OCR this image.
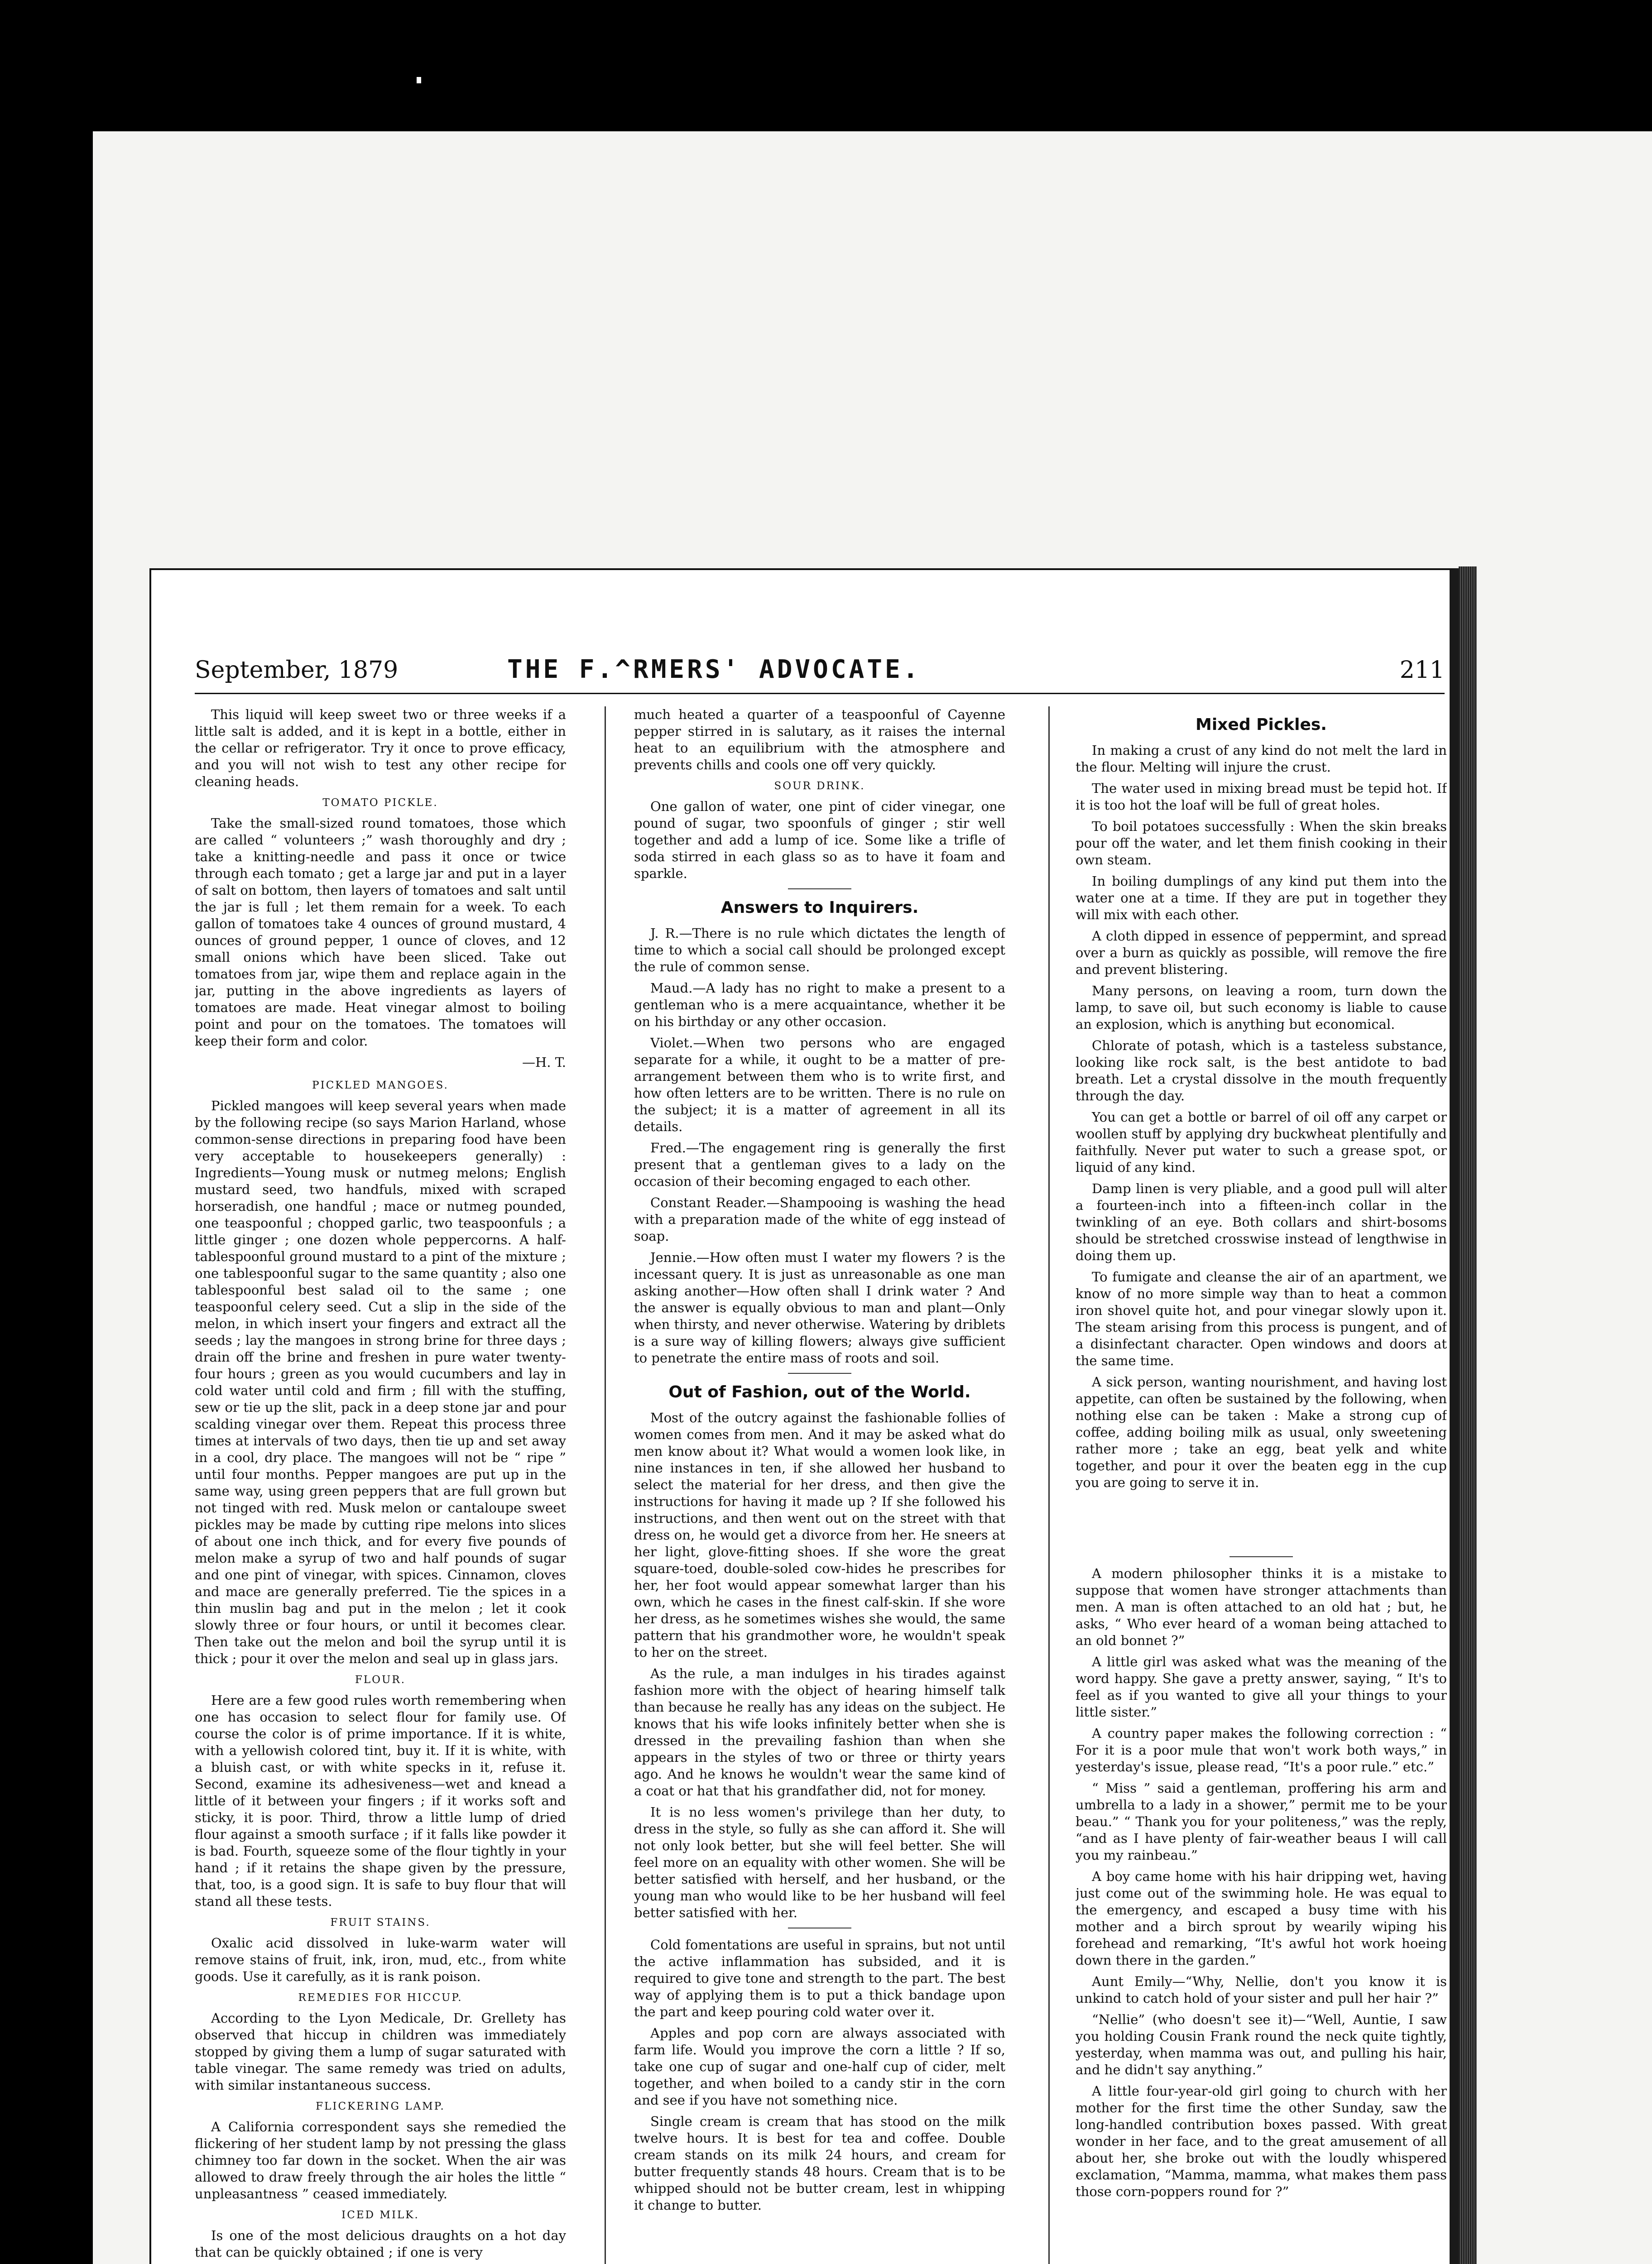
September, 1879	THE F.^RMERS' ADVOCATE.	211

This liquid will keep sweet two or three weeks if a little salt is added, and it is kept in a bottle, either in the cellar or refrigerator. Try it once to prove efficacy, and you will not wish to test any other recipe for cleaning heads.

TOMATO PICKLE.

Take the small-sized round tomatoes, those which are called “ volunteers ;” wash thoroughly and dry ; take a knitting-needle and pass it once or twice through each tomato ; get a large jar and put in a layer of salt on bottom, then layers of tomatoes and salt until the jar is full ; let them remain for a week. To each gallon of tomatoes take 4 ounces of ground mustard, 4 ounces of ground pepper, 1 ounce of cloves, and 12 small onions which have been sliced. Take out tomatoes from jar, wipe them and replace again in the jar, putting in the above ingredients as layers of tomatoes are made. Heat vinegar almost to boiling point and pour on the tomatoes. The tomatoes will keep their form and color.

—H. T.
PICKLED MANGOES.

Pickled mangoes will keep several years when made by the following recipe (so says Marion Harland, whose common-sense directions in preparing food have been very acceptable to housekeepers generally) : Ingredients—Young musk or nutmeg melons; English mustard seed, two handfuls, mixed with scraped horseradish, one handful ; mace or nutmeg pounded, one teaspoonful ; chopped garlic, two teaspoonfuls ; a little ginger ; one dozen whole peppercorns. A half-tablespoonful ground mustard to a pint of the mixture ; one tablespoonful sugar to the same quantity ; also one tablespoonful best salad oil to the same ; one teaspoonful celery seed. Cut a slip in the side of the melon, in which insert your fingers and extract all the seeds ; lay the mangoes in strong brine for three days ; drain off the brine and freshen in pure water twenty-four hours ; green as you would cucumbers and lay in cold water until cold and firm ; fill with the stuffing, sew or tie up the slit, pack in a deep stone jar and pour scalding vinegar over them. Repeat this process three times at intervals of two days, then tie up and set away in a cool, dry place. The mangoes will not be “ ripe ” until four months. Pepper mangoes are put up in the same way, using green peppers that are full grown but not tinged with red. Musk melon or cantaloupe sweet pickles may be made by cutting ripe melons into slices of about one inch thick, and for every five pounds of melon make a syrup of two and half pounds of sugar and one pint of vinegar, with spices. Cinnamon, cloves and mace are generally preferred. Tie the spices in a thin muslin bag and put in the melon ; let it cook slowly three or four hours, or until it becomes clear. Then take out the melon and boil the syrup until it is thick ; pour it over the melon and seal up in glass jars.

FLOUR.

Here are a few good rules worth remembering when one has occasion to select flour for family use. Of course the color is of prime importance. If it is white, with a yellowish colored tint, buy it. If it is white, with a bluish cast, or with white specks in it, refuse it. Second, examine its adhesiveness—wet and knead a little of it between your fingers ; if it works soft and sticky, it is poor. Third, throw a little lump of dried flour against a smooth surface ; if it falls like powder it is bad. Fourth, squeeze some of the flour tightly in your hand ; if it retains the shape given by the pressure, that, too, is a good sign. It is safe to buy flour that will stand all these tests.

FRUIT STAINS.

Oxalic acid dissolved in luke-warm water will remove stains of fruit, ink, iron, mud, etc., from white goods. Use it carefully, as it is rank poison.

REMEDIES FOR HICCUP.

According to the Lyon Medicale, Dr. Grellety has observed that hiccup in children was immediately stopped by giving them a lump of sugar saturated with table vinegar. The same remedy was tried on adults, with similar instantaneous success.

FLICKERING LAMP.

A California correspondent says she remedied the flickering of her student lamp by not pressing the glass chimney too far down in the socket. When the air was allowed to draw freely through the air holes the little “ unpleasantness ” ceased immediately.

ICED MILK.

Is one of the most delicious draughts on a hot day that can be quickly obtained ; if one is very

much heated a quarter of a teaspoonful of Cayenne pepper stirred in is salutary, as it raises the internal heat to an equilibrium with the atmosphere and prevents chills and cools one off very quickly.

SOUR DRINK.

One gallon of water, one pint of cider vinegar, one pound of sugar, two spoonfuls of ginger ; stir well together and add a lump of ice. Some like a trifle of soda stirred in each glass so as to have it foam and sparkle.

Answers to Inquirers.

J. R.—There is no rule which dictates the length of time to which a social call should be prolonged except the rule of common sense.

Maud.—A lady has no right to make a present to a gentleman who is a mere acquaintance, whether it be on his birthday or any other occasion.

Violet.—When two persons who are engaged separate for a while, it ought to be a matter of pre-arrangement between them who is to write first, and how often letters are to be written. There is no rule on the subject; it is a matter of agreement in all its details.

Fred.—The engagement ring is generally the first present that a gentleman gives to a lady on the occasion of their becoming engaged to each other.

Constant Reader.—Shampooing is washing the head with a preparation made of the white of egg instead of soap.

Jennie.—How often must I water my flowers ? is the incessant query. It is just as unreasonable as one man asking another—How often shall I drink water ? And the answer is equally obvious to man and plant—Only when thirsty, and never otherwise. Watering by driblets is a sure way of killing flowers; always give sufficient to penetrate the entire mass of roots and soil.

Out of Fashion, out of the World.

Most of the outcry against the fashionable follies of women comes from men. And it may be asked what do men know about it? What would a women look like, in nine instances in ten, if she allowed her husband to select the material for her dress, and then give the instructions for having it made up ? If she followed his instructions, and then went out on the street with that dress on, he would get a divorce from her. He sneers at her light, glove-fitting shoes. If she wore the great square-toed, double-soled cow-hides he prescribes for her, her foot would appear somewhat larger than his own, which he cases in the finest calf-skin. If she wore her dress, as he sometimes wishes she would, the same pattern that his grandmother wore, he wouldn't speak to her on the street.

As the rule, a man indulges in his tirades against fashion more with the object of hearing himself talk than because he really has any ideas on the subject. He knows that his wife looks infinitely better when she is dressed in the prevailing fashion than when she appears in the styles of two or three or thirty years ago. And he knows he wouldn't wear the same kind of a coat or hat that his grandfather did, not for money.

It is no less women's privilege than her duty, to dress in the style, so fully as she can afford it. She will not only look better, but she will feel better. She will feel more on an equality with other women. She will be better satisfied with herself, and her husband, or the young man who would like to be her husband will feel better satisfied with her.

Cold fomentations are useful in sprains, but not until the active inflammation has subsided, and it is required to give tone and strength to the part. The best way of applying them is to put a thick bandage upon the part and keep pouring cold water over it.

Apples and pop corn are always associated with farm life. Would you improve the corn a little ? If so, take one cup of sugar and one-half cup of cider, melt together, and when boiled to a candy stir in the corn and see if you have not something nice.

Single cream is cream that has stood on the milk twelve hours. It is best for tea and coffee. Double cream stands on its milk 24 hours, and cream for butter frequently stands 48 hours. Cream that is to be whipped should not be butter cream, lest in whipping it change to butter.

Mixed Pickles.

In making a crust of any kind do not melt the lard in the flour. Melting will injure the crust.

The water used in mixing bread must be tepid hot. If it is too hot the loaf will be full of great holes.

To boil potatoes successfully : When the skin breaks pour off the water, and let them finish cooking in their own steam.

In boiling dumplings of any kind put them into the water one at a time. If they are put in together they will mix with each other.

A cloth dipped in essence of peppermint, and spread over a burn as quickly as possible, will remove the fire and prevent blistering.

Many persons, on leaving a room, turn down the lamp, to save oil, but such economy is liable to cause an explosion, which is anything but economical.

Chlorate of potash, which is a tasteless substance, looking like rock salt, is the best antidote to bad breath. Let a crystal dissolve in the mouth frequently through the day.

You can get a bottle or barrel of oil off any carpet or woollen stuff by applying dry buckwheat plentifully and faithfully. Never put water to such a grease spot, or liquid of any kind.

Damp linen is very pliable, and a good pull will alter a fourteen-inch into a fifteen-inch collar in the twinkling of an eye. Both collars and shirt-bosoms should be stretched crosswise instead of lengthwise in doing them up.

To fumigate and cleanse the air of an apartment, we know of no more simple way than to heat a common iron shovel quite hot, and pour vinegar slowly upon it. The steam arising from this process is pungent, and of a disinfectant character. Open windows and doors at the same time.

A sick person, wanting nourishment, and having lost appetite, can often be sustained by the following, when nothing else can be taken : Make a strong cup of coffee, adding boiling milk as usual, only sweetening rather more ; take an egg, beat yelk and white together, and pour it over the beaten egg in the cup you are going to serve it in.

A modern philosopher thinks it is a mistake to suppose that women have stronger attachments than men. A man is often attached to an old hat ; but, he asks, “ Who ever heard of a woman being attached to an old bonnet ?”

A little girl was asked what was the meaning of the word happy. She gave a pretty answer, saying, “ It's to feel as if you wanted to give all your things to your little sister.”

A country paper makes the following correction : “ For it is a poor mule that won't work both ways,” in yesterday's issue, please read, “It's a poor rule.” etc.”

“ Miss ” said a gentleman, proffering his arm and umbrella to a lady in a shower,” permit me to be your beau.” “ Thank you for your politeness,” was the reply, “and as I have plenty of fair-weather beaus I will call you my rainbeau.”

A boy came home with his hair dripping wet, having just come out of the swimming hole. He was equal to the emergency, and escaped a busy time with his mother and a birch sprout by wearily wiping his forehead and remarking, “It's awful hot work hoeing down there in the garden.”

Aunt Emily—“Why, Nellie, don't you know it is unkind to catch hold of your sister and pull her hair ?”

“Nellie” (who doesn't see it)—“Well, Auntie, I saw you holding Cousin Frank round the neck quite tightly, yesterday, when mamma was out, and pulling his hair, and he didn't say anything.”

A little four-year-old girl going to church with her mother for the first time the other Sunday, saw the long-handled contribution boxes passed. With great wonder in her face, and to the great amusement of all about her, she broke out with the loudly whispered exclamation, “Mamma, mamma, what makes them pass those corn-poppers round for ?”
